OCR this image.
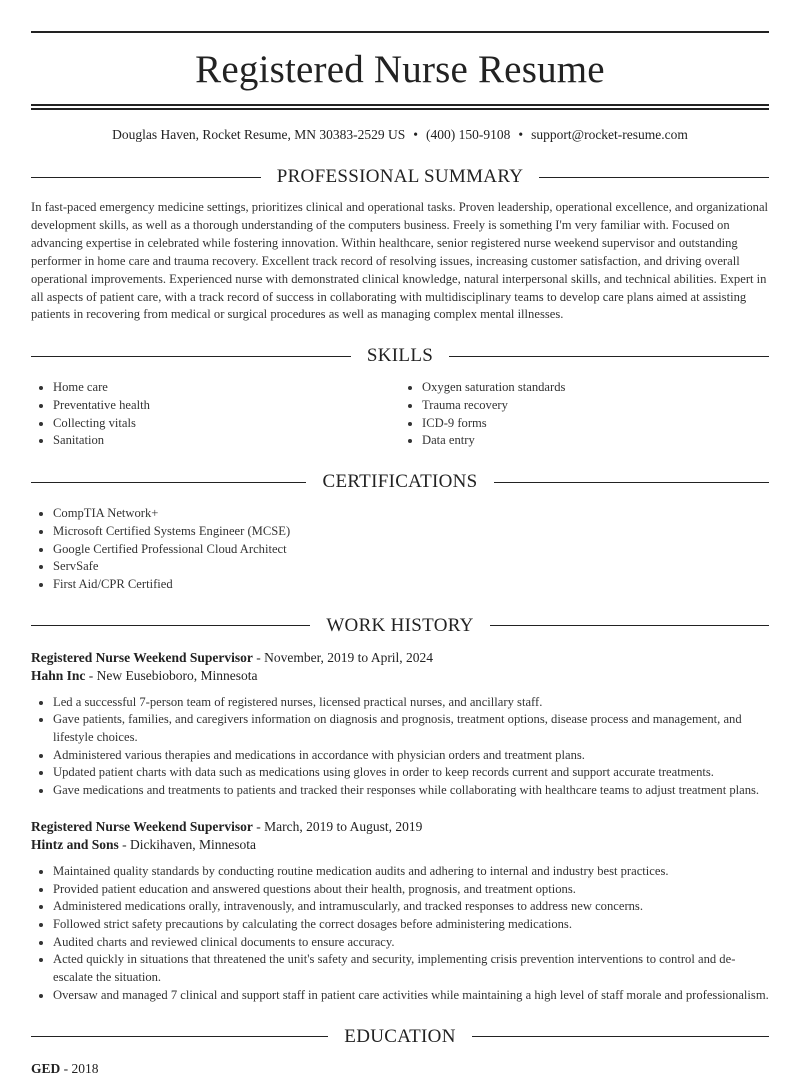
Registered Nurse Resume
Douglas Haven, Rocket Resume, MN 30383-2529 US • (400) 150-9108 • support@rocket-resume.com
PROFESSIONAL SUMMARY

In fast-paced emergency medicine settings, prioritizes clinical and operational tasks. Proven leadership, operational excellence, and organizational development skills, as well as a thorough understanding of the computers business. Freely is something I'm very familiar with. Focused on advancing expertise in celebrated while fostering innovation. Within healthcare, senior registered nurse weekend supervisor and outstanding performer in home care and trauma recovery. Excellent track record of resolving issues, increasing customer satisfaction, and driving overall operational improvements. Experienced nurse with demonstrated clinical knowledge, natural interpersonal skills, and technical abilities. Expert in all aspects of patient care, with a track record of success in collaborating with multidisciplinary teams to develop care plans aimed at assisting patients in recovering from medical or surgical procedures as well as managing complex mental illnesses.

SKILLS
• Home care
• Preventative health
• Collecting vitals
• Sanitation
• Oxygen saturation standards
• Trauma recovery
• ICD-9 forms
• Data entry
CERTIFICATIONS
• CompTIA Network+
• Microsoft Certified Systems Engineer (MCSE)
• Google Certified Professional Cloud Architect
• ServSafe
• First Aid/CPR Certified
WORK HISTORY
Registered Nurse Weekend Supervisor - November, 2019 to April, 2024
Hahn Inc - New Eusebioboro, Minnesota
• Led a successful 7-person team of registered nurses, licensed practical nurses, and ancillary staff.
• Gave patients, families, and caregivers information on diagnosis and prognosis, treatment options, disease process and management, and lifestyle choices.
• Administered various therapies and medications in accordance with physician orders and treatment plans.
• Updated patient charts with data such as medications using gloves in order to keep records current and support accurate treatments.
• Gave medications and treatments to patients and tracked their responses while collaborating with healthcare teams to adjust treatment plans.
Registered Nurse Weekend Supervisor - March, 2019 to August, 2019
Hintz and Sons - Dickihaven, Minnesota
• Maintained quality standards by conducting routine medication audits and adhering to internal and industry best practices.
• Provided patient education and answered questions about their health, prognosis, and treatment options.
• Administered medications orally, intravenously, and intramuscularly, and tracked responses to address new concerns.
• Followed strict safety precautions by calculating the correct dosages before administering medications.
• Audited charts and reviewed clinical documents to ensure accuracy.
• Acted quickly in situations that threatened the unit's safety and security, implementing crisis prevention interventions to control and de-escalate the situation.
• Oversaw and managed 7 clinical and support staff in patient care activities while maintaining a high level of staff morale and professionalism.
EDUCATION
GED - 2018
